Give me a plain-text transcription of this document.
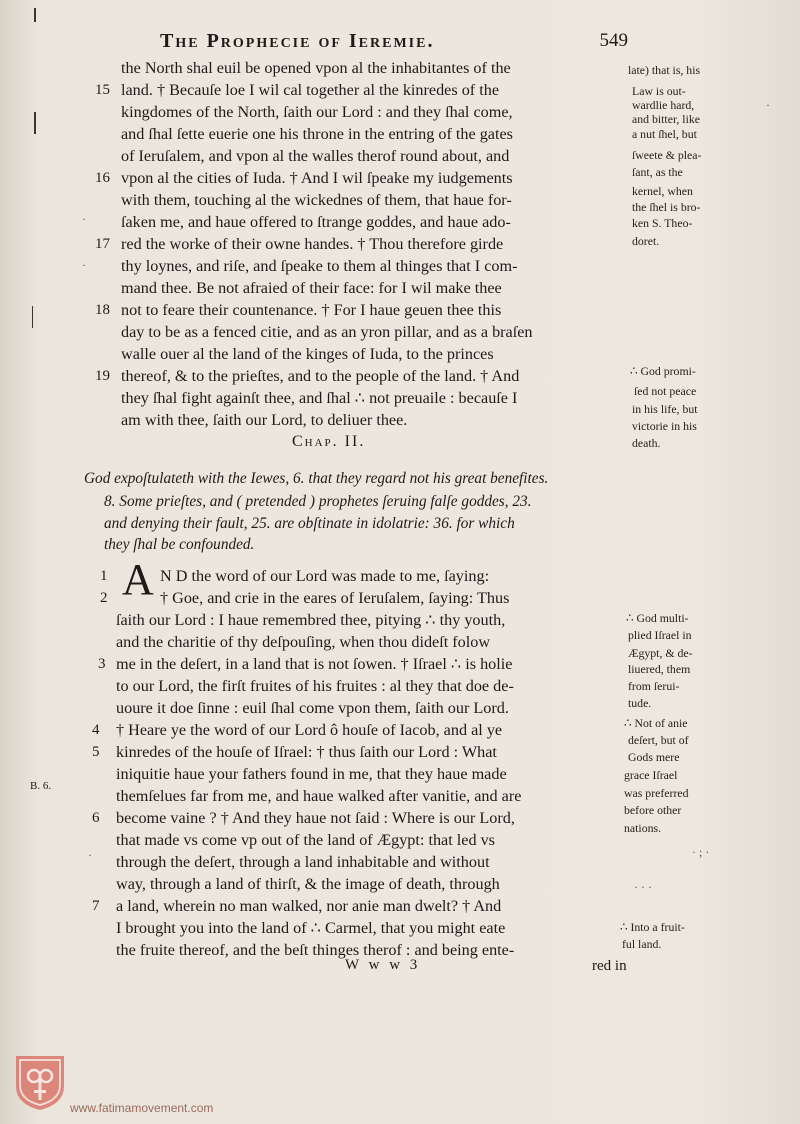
The Prophecie of Ieremie.	549
the North shal euil be opened vpon al the inhabitantes of the
land. † Becauſe loe I wil cal together al the kinredes of the
kingdomes of the North, ſaith our Lord : and they ſhal come,
and ſhal ſette euerie one his throne in the entring of the gates
of Ieruſalem, and vpon al the walles therof round about, and
vpon al the cities of Iuda. † And I wil ſpeake my iudgements
with them, touching al the wickednes of them, that haue for-
ſaken me, and haue offered to ſtrange goddes, and haue ado-
red the worke of their owne handes. † Thou therefore girde
thy loynes, and riſe, and ſpeake to them al thinges that I com-
mand thee. Be not afraied of their face: for I wil make thee
not to feare their countenance. † For I haue geuen thee this
day to be as a fenced citie, and as an yron pillar, and as a braſen
walle ouer al the land of the kinges of Iuda, to the princes
thereof, & to the prieſtes, and to the people of the land. † And
they ſhal fight againſt thee, and ſhal ∴ not preuaile : becauſe I
am with thee, ſaith our Lord, to deliuer thee.
15
16
17
18
19
late) that is, his
Law is out-
wardlie hard,
and bitter, like
a nut ſhel, but
ſweete & plea-
ſant, as the
kernel, when
the ſhel is bro-
ken S. Theo-
doret.
∴ God promi-
ſed not peace
in his life, but
victorie in his
death.
Chap. II.
God expoſtulateth with the Iewes, 6. that they regard not his great benefites.
8. Some prieſtes, and ( pretended ) prophetes ſeruing falſe goddes, 23.
and denying their fault, 25. are obſtinate in idolatrie: 36. for which
they ſhal be confounded.
A N D the word of our Lord was made to me, ſaying:
† Goe, and crie in the eares of Ieruſalem, ſaying: Thus
ſaith our Lord : I haue remembred thee, pitying ∴ thy youth,
and the charitie of thy deſpouſing, when thou dideſt folow
me in the deſert, in a land that is not ſowen. † Iſrael ∴ is holie
to our Lord, the firſt fruites of his fruites : al they that doe de-
uoure it doe ſinne : euil ſhal come vpon them, ſaith our Lord.
† Heare ye the word of our Lord ô houſe of Iacob, and al ye
kinredes of the houſe of Iſrael: † thus ſaith our Lord : What
iniquitie haue your fathers found in me, that they haue made
themſelues far from me, and haue walked after vanitie, and are
become vaine ? † And they haue not ſaid : Where is our Lord,
that made vs come vp out of the land of Ægypt: that led vs
through the deſert, through a land inhabitable and without
way, through a land of thirſt, & the image of death, through
a land, wherein no man walked, nor anie man dwelt? † And
I brought you into the land of ∴ Carmel, that you might eate
the fruite thereof, and the beſt thinges therof : and being ente-
1
2
3
4
5
6
7
∴ God multi-
plied Iſrael in
Ægypt, & de-
liuered, them
from ſerui-
tude.
∴ Not of anie
deſert, but of
Gods mere
grace Iſrael
was preferred
before other
nations.
∴ Into a fruit-
ful land.
B. 6.
·
·
·	· ; ·
· · ·
·
W w w 3	red in
www.fatimamovement.com
